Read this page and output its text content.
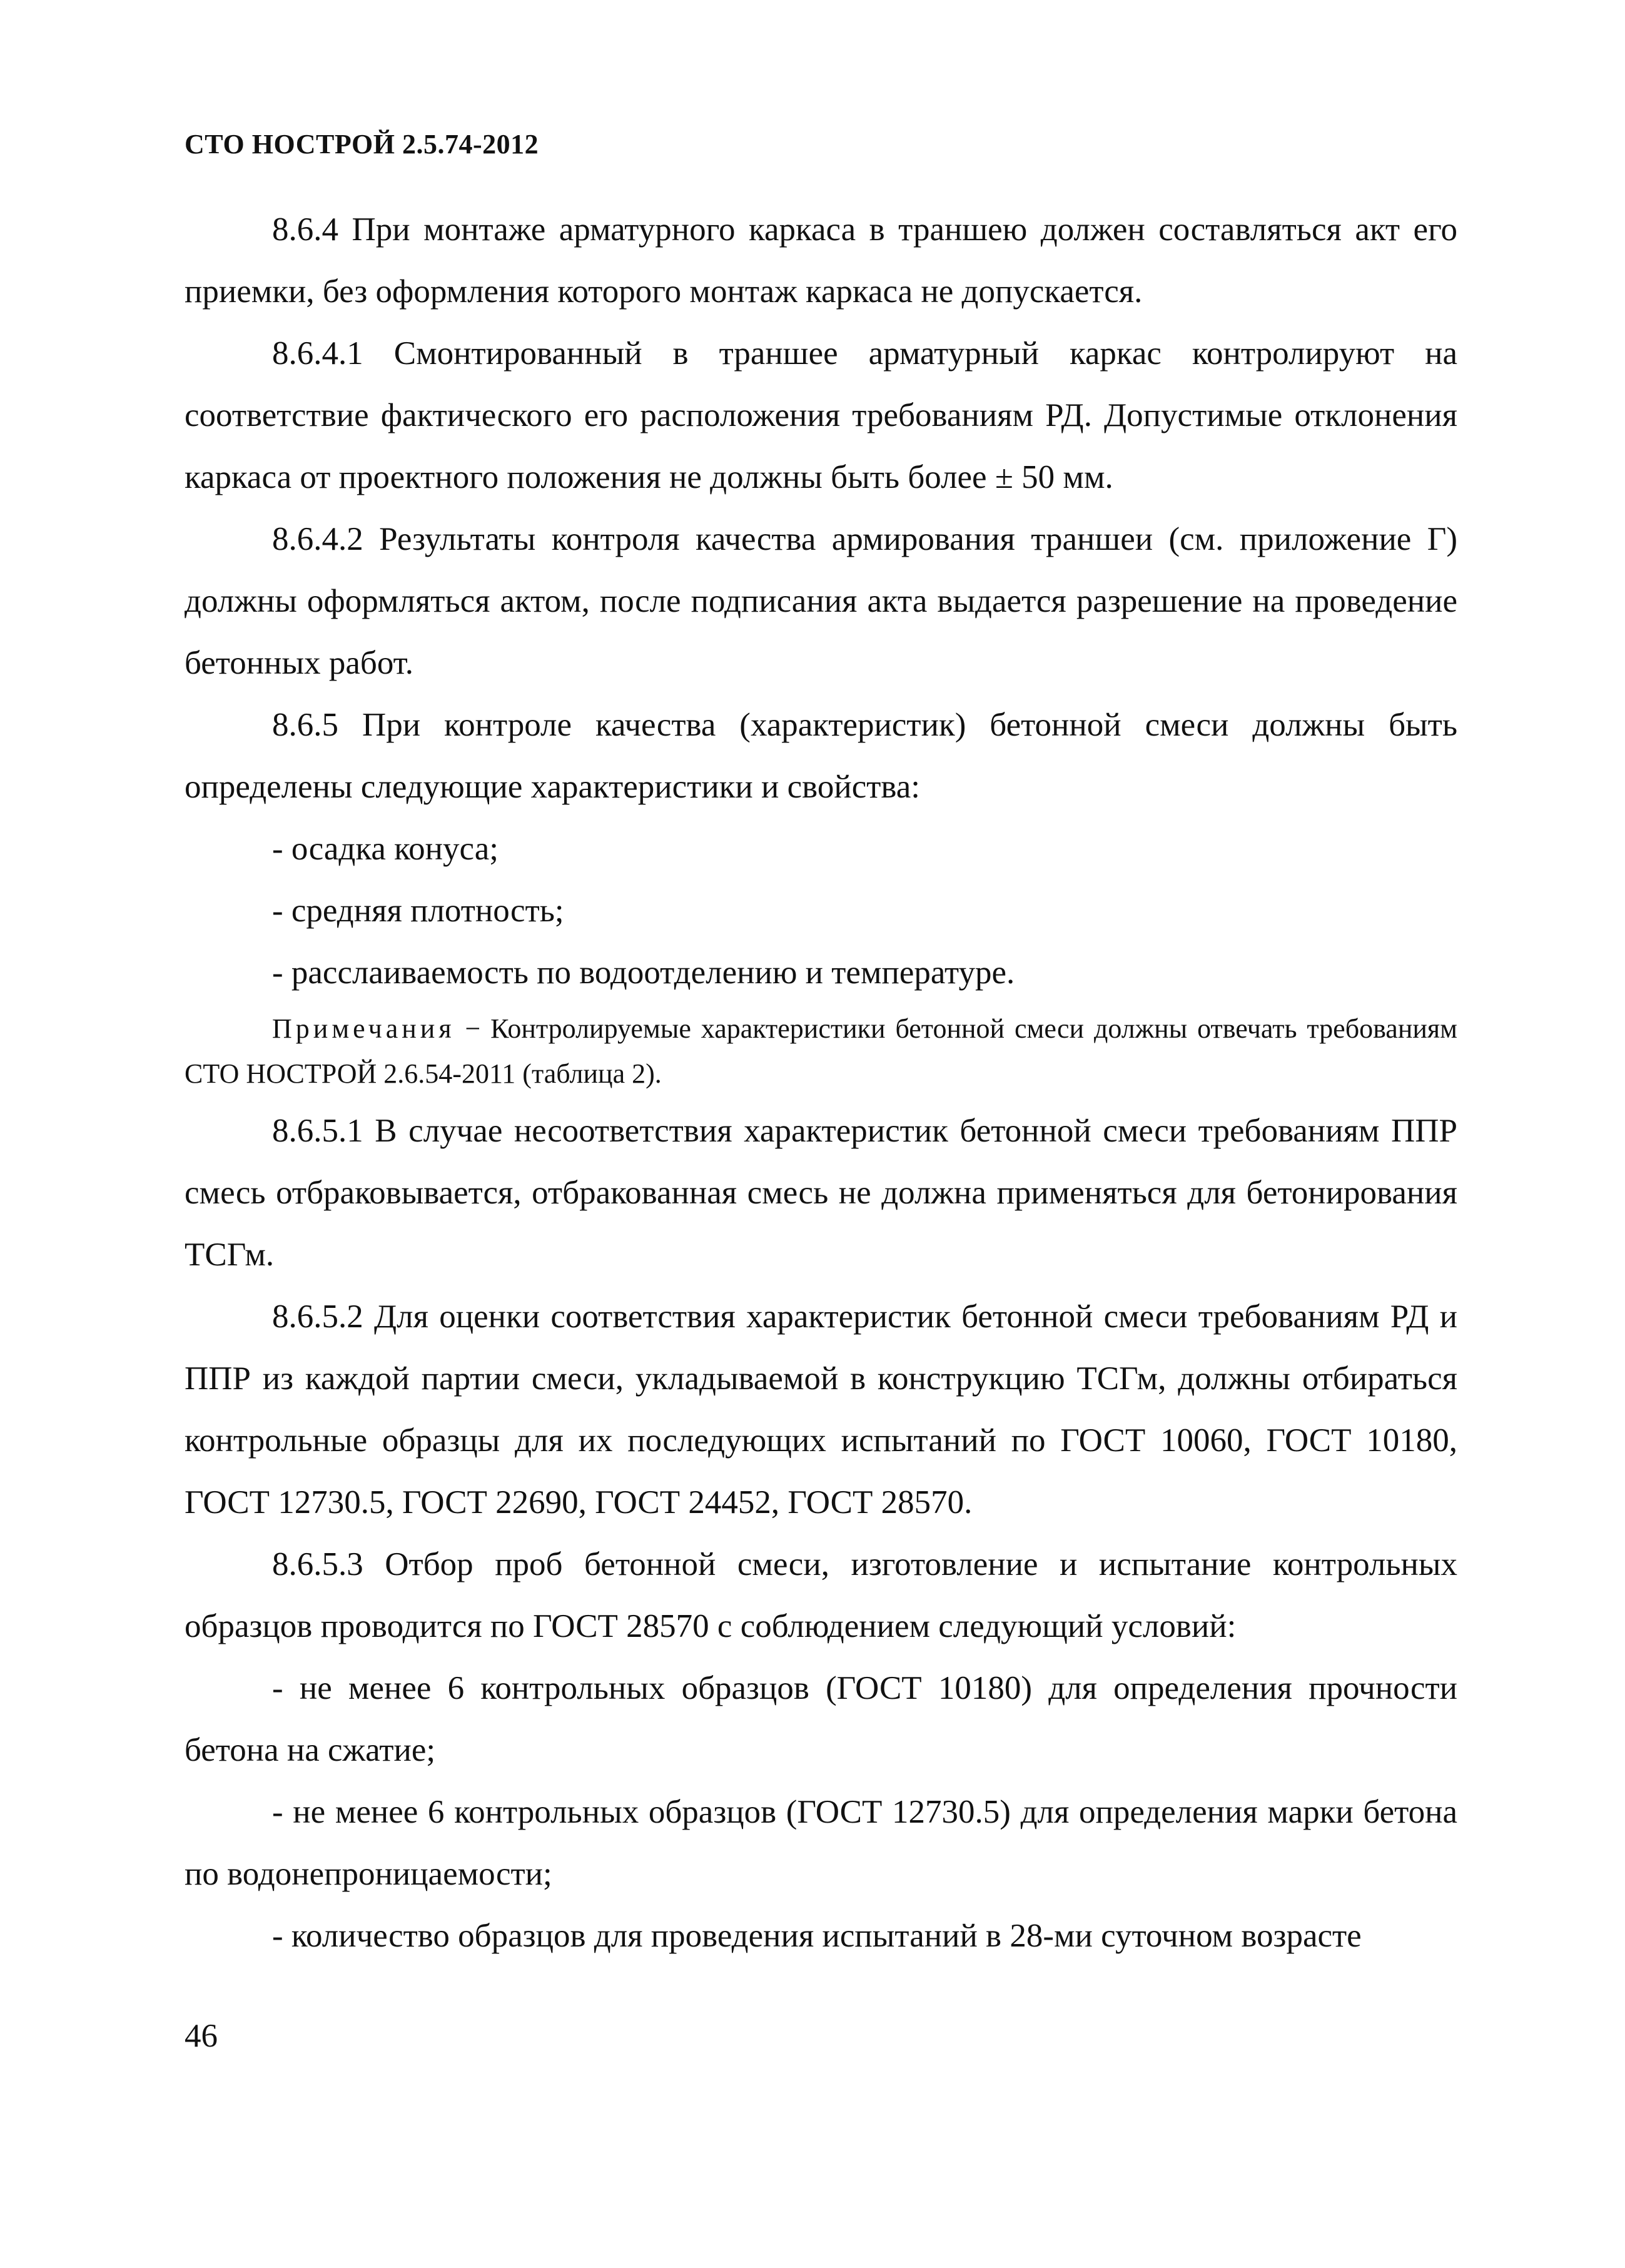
СТО НОСТРОЙ 2.5.74-2012

8.6.4 При монтаже арматурного каркаса в траншею должен составляться акт его приемки, без оформления которого монтаж каркаса не допускается.

8.6.4.1 Смонтированный в траншее арматурный каркас контролируют на соответствие фактического его расположения требованиям РД. Допустимые отклонения каркаса от проектного положения не должны быть более ± 50 мм.

8.6.4.2 Результаты контроля качества армирования траншеи (см. приложение Г) должны оформляться актом, после подписания акта выдается разрешение на проведение бетонных работ.

8.6.5 При контроле качества (характеристик) бетонной смеси должны быть определены следующие характеристики и свойства:

- осадка конуса;

- средняя плотность;

- расслаиваемость по водоотделению и температуре.

Примечания − Контролируемые характеристики бетонной смеси должны отвечать требованиям СТО НОСТРОЙ 2.6.54-2011 (таблица 2).

8.6.5.1 В случае несоответствия характеристик бетонной смеси требованиям ППР смесь отбраковывается, отбракованная смесь не должна применяться для бетонирования ТСГм.

8.6.5.2 Для оценки соответствия характеристик бетонной смеси требованиям РД и ППР из каждой партии смеси, укладываемой в конструкцию ТСГм, должны отбираться контрольные образцы для их последующих испытаний по ГОСТ 10060, ГОСТ 10180, ГОСТ 12730.5, ГОСТ 22690, ГОСТ 24452, ГОСТ 28570.

8.6.5.3 Отбор проб бетонной смеси, изготовление и испытание контрольных образцов проводится по ГОСТ 28570 с соблюдением следующий условий:

- не менее 6 контрольных образцов (ГОСТ 10180) для определения прочности бетона на сжатие;

- не менее 6 контрольных образцов (ГОСТ 12730.5) для определения марки бетона по водонепроницаемости;

- количество образцов для проведения испытаний в 28-ми суточном возрасте

46
